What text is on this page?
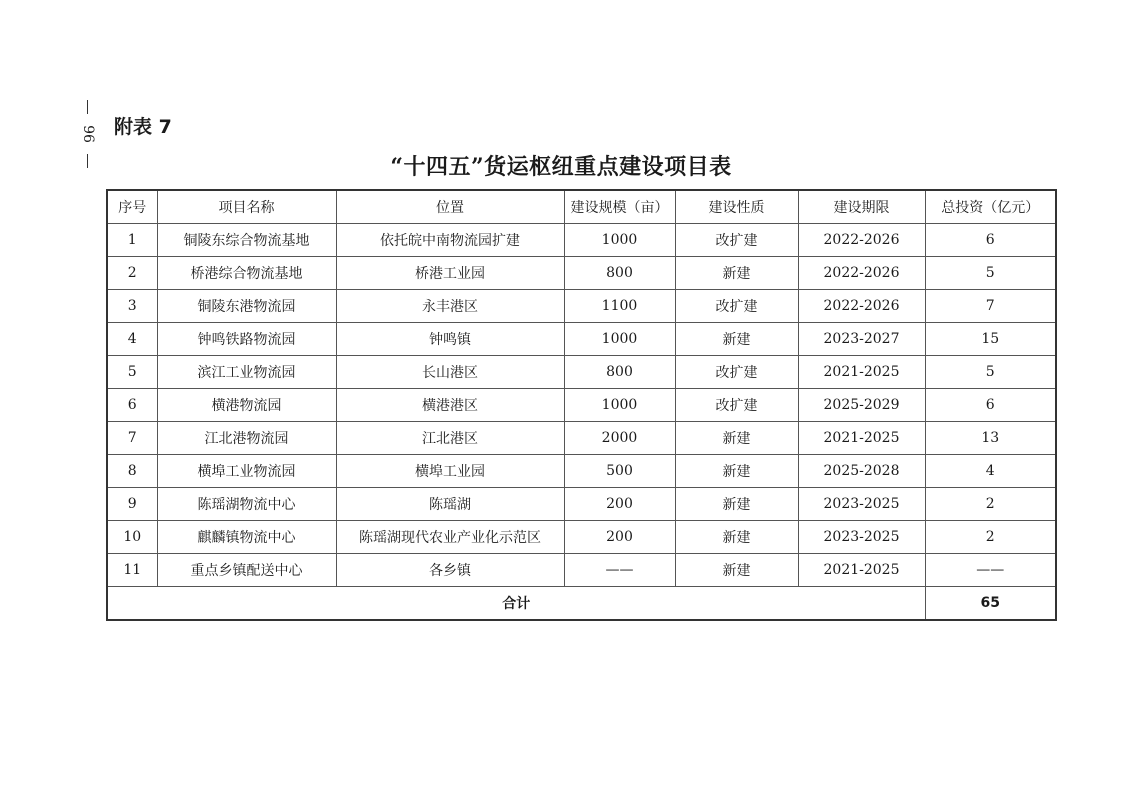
96 附表 7
“十四五”货运枢纽重点建设项目表
序号	项目名称	位置	建设规模（亩）	建设性质	建设期限	总投资（亿元）
1	铜陵东综合物流基地	依托皖中南物流园扩建	1000	改扩建	2022-2026	6
2	桥港综合物流基地	桥港工业园	800	新建	2022-2026	5
3	铜陵东港物流园	永丰港区	1100	改扩建	2022-2026	7
4	钟鸣铁路物流园	钟鸣镇	1000	新建	2023-2027	15
5	滨江工业物流园	长山港区	800	改扩建	2021-2025	5
6	横港物流园	横港港区	1000	改扩建	2025-2029	6
7	江北港物流园	江北港区	2000	新建	2021-2025	13
8	横埠工业物流园	横埠工业园	500	新建	2025-2028	4
9	陈瑶湖物流中心	陈瑶湖	200	新建	2023-2025	2
10	麒麟镇物流中心	陈瑶湖现代农业产业化示范区	200	新建	2023-2025	2
11	重点乡镇配送中心	各乡镇	——	新建	2021-2025	——
合计						65
